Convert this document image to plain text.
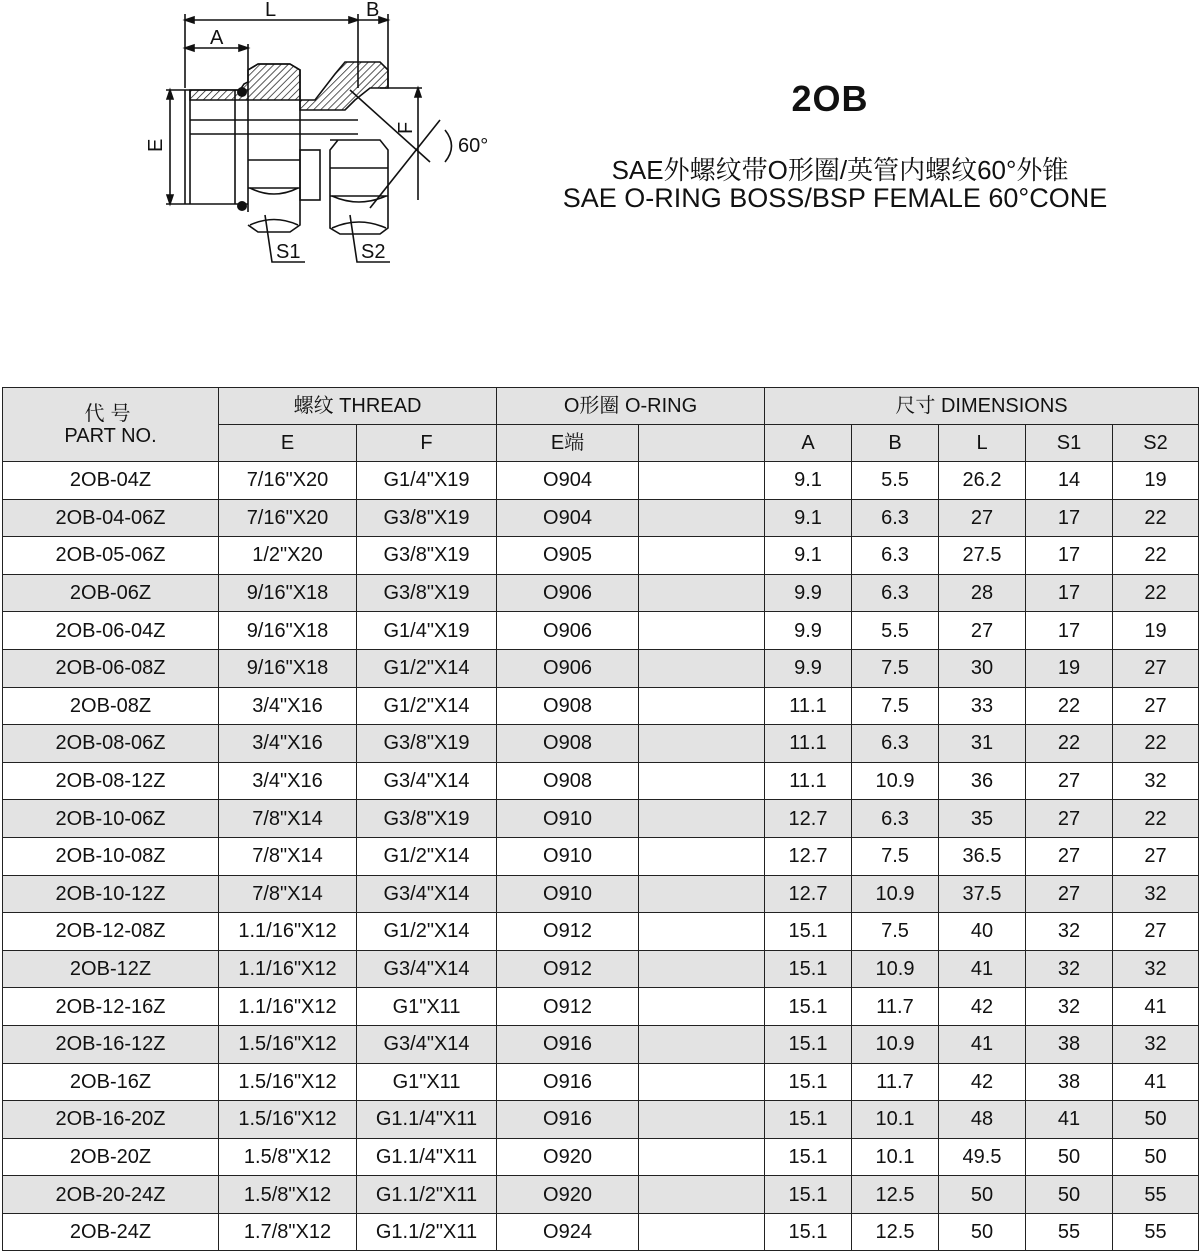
L	B
A
E
F
60°
S1	S2
2OB
SAE外螺纹带O形圈/英管内螺纹60°外锥
SAE O-RING BOSS/BSP FEMALE 60°CONE
代号
PART NO.	螺纹 THREAD		O形圈 O-RING		尺寸 DIMENSIONS				
	E	F	E端		A	B	L	S1	S2
2OB-04Z	7/16"X20	G1/4"X19	O904		9.1	5.5	26.2	14	19
2OB-04-06Z	7/16"X20	G3/8"X19	O904		9.1	6.3	27	17	22
2OB-05-06Z	1/2"X20	G3/8"X19	O905		9.1	6.3	27.5	17	22
2OB-06Z	9/16"X18	G3/8"X19	O906		9.9	6.3	28	17	22
2OB-06-04Z	9/16"X18	G1/4"X19	O906		9.9	5.5	27	17	19
2OB-06-08Z	9/16"X18	G1/2"X14	O906		9.9	7.5	30	19	27
2OB-08Z	3/4"X16	G1/2"X14	O908		11.1	7.5	33	22	27
2OB-08-06Z	3/4"X16	G3/8"X19	O908		11.1	6.3	31	22	22
2OB-08-12Z	3/4"X16	G3/4"X14	O908		11.1	10.9	36	27	32
2OB-10-06Z	7/8"X14	G3/8"X19	O910		12.7	6.3	35	27	22
2OB-10-08Z	7/8"X14	G1/2"X14	O910		12.7	7.5	36.5	27	27
2OB-10-12Z	7/8"X14	G3/4"X14	O910		12.7	10.9	37.5	27	32
2OB-12-08Z	1.1/16"X12	G1/2"X14	O912		15.1	7.5	40	32	27
2OB-12Z	1.1/16"X12	G3/4"X14	O912		15.1	10.9	41	32	32
2OB-12-16Z	1.1/16"X12	G1"X11	O912		15.1	11.7	42	32	41
2OB-16-12Z	1.5/16"X12	G3/4"X14	O916		15.1	10.9	41	38	32
2OB-16Z	1.5/16"X12	G1"X11	O916		15.1	11.7	42	38	41
2OB-16-20Z	1.5/16"X12	G1.1/4"X11	O916		15.1	10.1	48	41	50
2OB-20Z	1.5/8"X12	G1.1/4"X11	O920		15.1	10.1	49.5	50	50
2OB-20-24Z	1.5/8"X12	G1.1/2"X11	O920		15.1	12.5	50	50	55
2OB-24Z	1.7/8"X12	G1.1/2"X11	O924		15.1	12.5	50	55	55
